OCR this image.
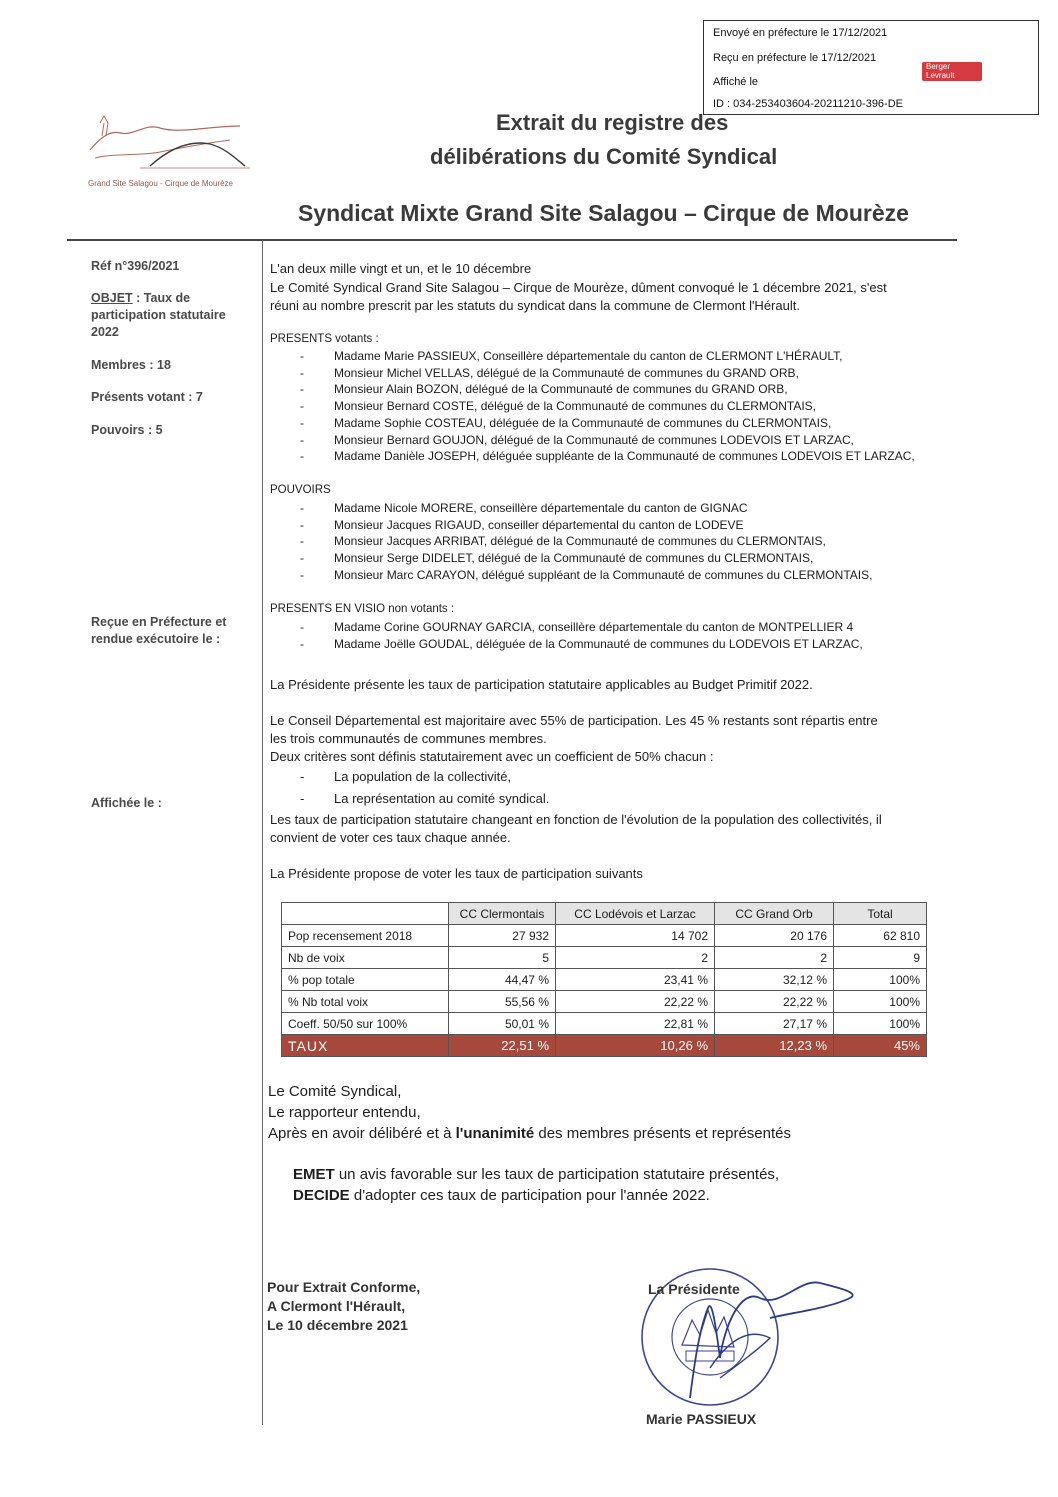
Envoyé en préfecture le 17/12/2021
Reçu en préfecture le 17/12/2021
Affiché le
ID : 034-253403604-20211210-396-DE
Berger
Levrault
Grand Site Salagou - Cirque de Mourèze
Extrait du registre des
délibérations du Comité Syndical
Syndicat Mixte Grand Site Salagou – Cirque de Mourèze
Réf n°396/2021
OBJET : Taux de participation statutaire 2022
Membres : 18
Présents votant : 7
Pouvoirs : 5
Reçue en Préfecture et rendue exécutoire le :
Affichée le :
L'an deux mille vingt et un, et le 10 décembre
Le Comité Syndical Grand Site Salagou – Cirque de Mourèze, dûment convoqué le 1 décembre 2021, s'est
réuni au nombre prescrit par les statuts du syndicat dans la commune de Clermont l'Hérault.
PRESENTS votants :
-	Madame Marie PASSIEUX, Conseillère départementale du canton de CLERMONT L'HÉRAULT,
-	Monsieur Michel VELLAS, délégué de la Communauté de communes du GRAND ORB,
-	Monsieur Alain BOZON, délégué de la Communauté de communes du GRAND ORB,
-	Monsieur Bernard COSTE, délégué de la Communauté de communes du CLERMONTAIS,
-	Madame Sophie COSTEAU, déléguée de la Communauté de communes du CLERMONTAIS,
-	Monsieur Bernard GOUJON, délégué de la Communauté de communes LODEVOIS ET LARZAC,
-	Madame Danièle JOSEPH, déléguée suppléante de la Communauté de communes LODEVOIS ET LARZAC,
POUVOIRS
-	Madame Nicole MORERE, conseillère départementale du canton de GIGNAC
-	Monsieur Jacques RIGAUD, conseiller départemental du canton de LODEVE
-	Monsieur Jacques ARRIBAT, délégué de la Communauté de communes du CLERMONTAIS,
-	Monsieur Serge DIDELET, délégué de la Communauté de communes du CLERMONTAIS,
-	Monsieur Marc CARAYON, délégué suppléant de la Communauté de communes du CLERMONTAIS,
PRESENTS EN VISIO non votants :
-	Madame Corine GOURNAY GARCIA, conseillère départementale du canton de MONTPELLIER 4
-	Madame Joëlle GOUDAL, déléguée de la Communauté de communes du LODEVOIS ET LARZAC,
La Présidente présente les taux de participation statutaire applicables au Budget Primitif 2022.
Le Conseil Départemental est majoritaire avec 55% de participation. Les 45 % restants sont répartis entre
les trois communautés de communes membres.
Deux critères sont définis statutairement avec un coefficient de 50% chacun :
- La population de la collectivité,
- La représentation au comité syndical.
Les taux de participation statutaire changeant en fonction de l'évolution de la population des collectivités, il
convient de voter ces taux chaque année.
La Présidente propose de voter les taux de participation suivants
	CC Clermontais	CC Lodévois et Larzac	CC Grand Orb	Total
Pop recensement 2018	27 932	14 702	20 176	62 810
Nb de voix	5	2	2	9
% pop totale	44,47 %	23,41 %	32,12 %	100%
% Nb total voix	55,56 %	22,22 %	22,22 %	100%
Coeff. 50/50 sur 100%	50,01 %	22,81 %	27,17 %	100%
TAUX	22,51 %	10,26 %	12,23 %	45%
Le Comité Syndical,
Le rapporteur entendu,
Après en avoir délibéré et à l'unanimité des membres présents et représentés
EMET un avis favorable sur les taux de participation statutaire présentés,
DECIDE d'adopter ces taux de participation pour l'année 2022.
Pour Extrait Conforme,
A Clermont l'Hérault,
Le 10 décembre 2021
La Présidente
Marie PASSIEUX
